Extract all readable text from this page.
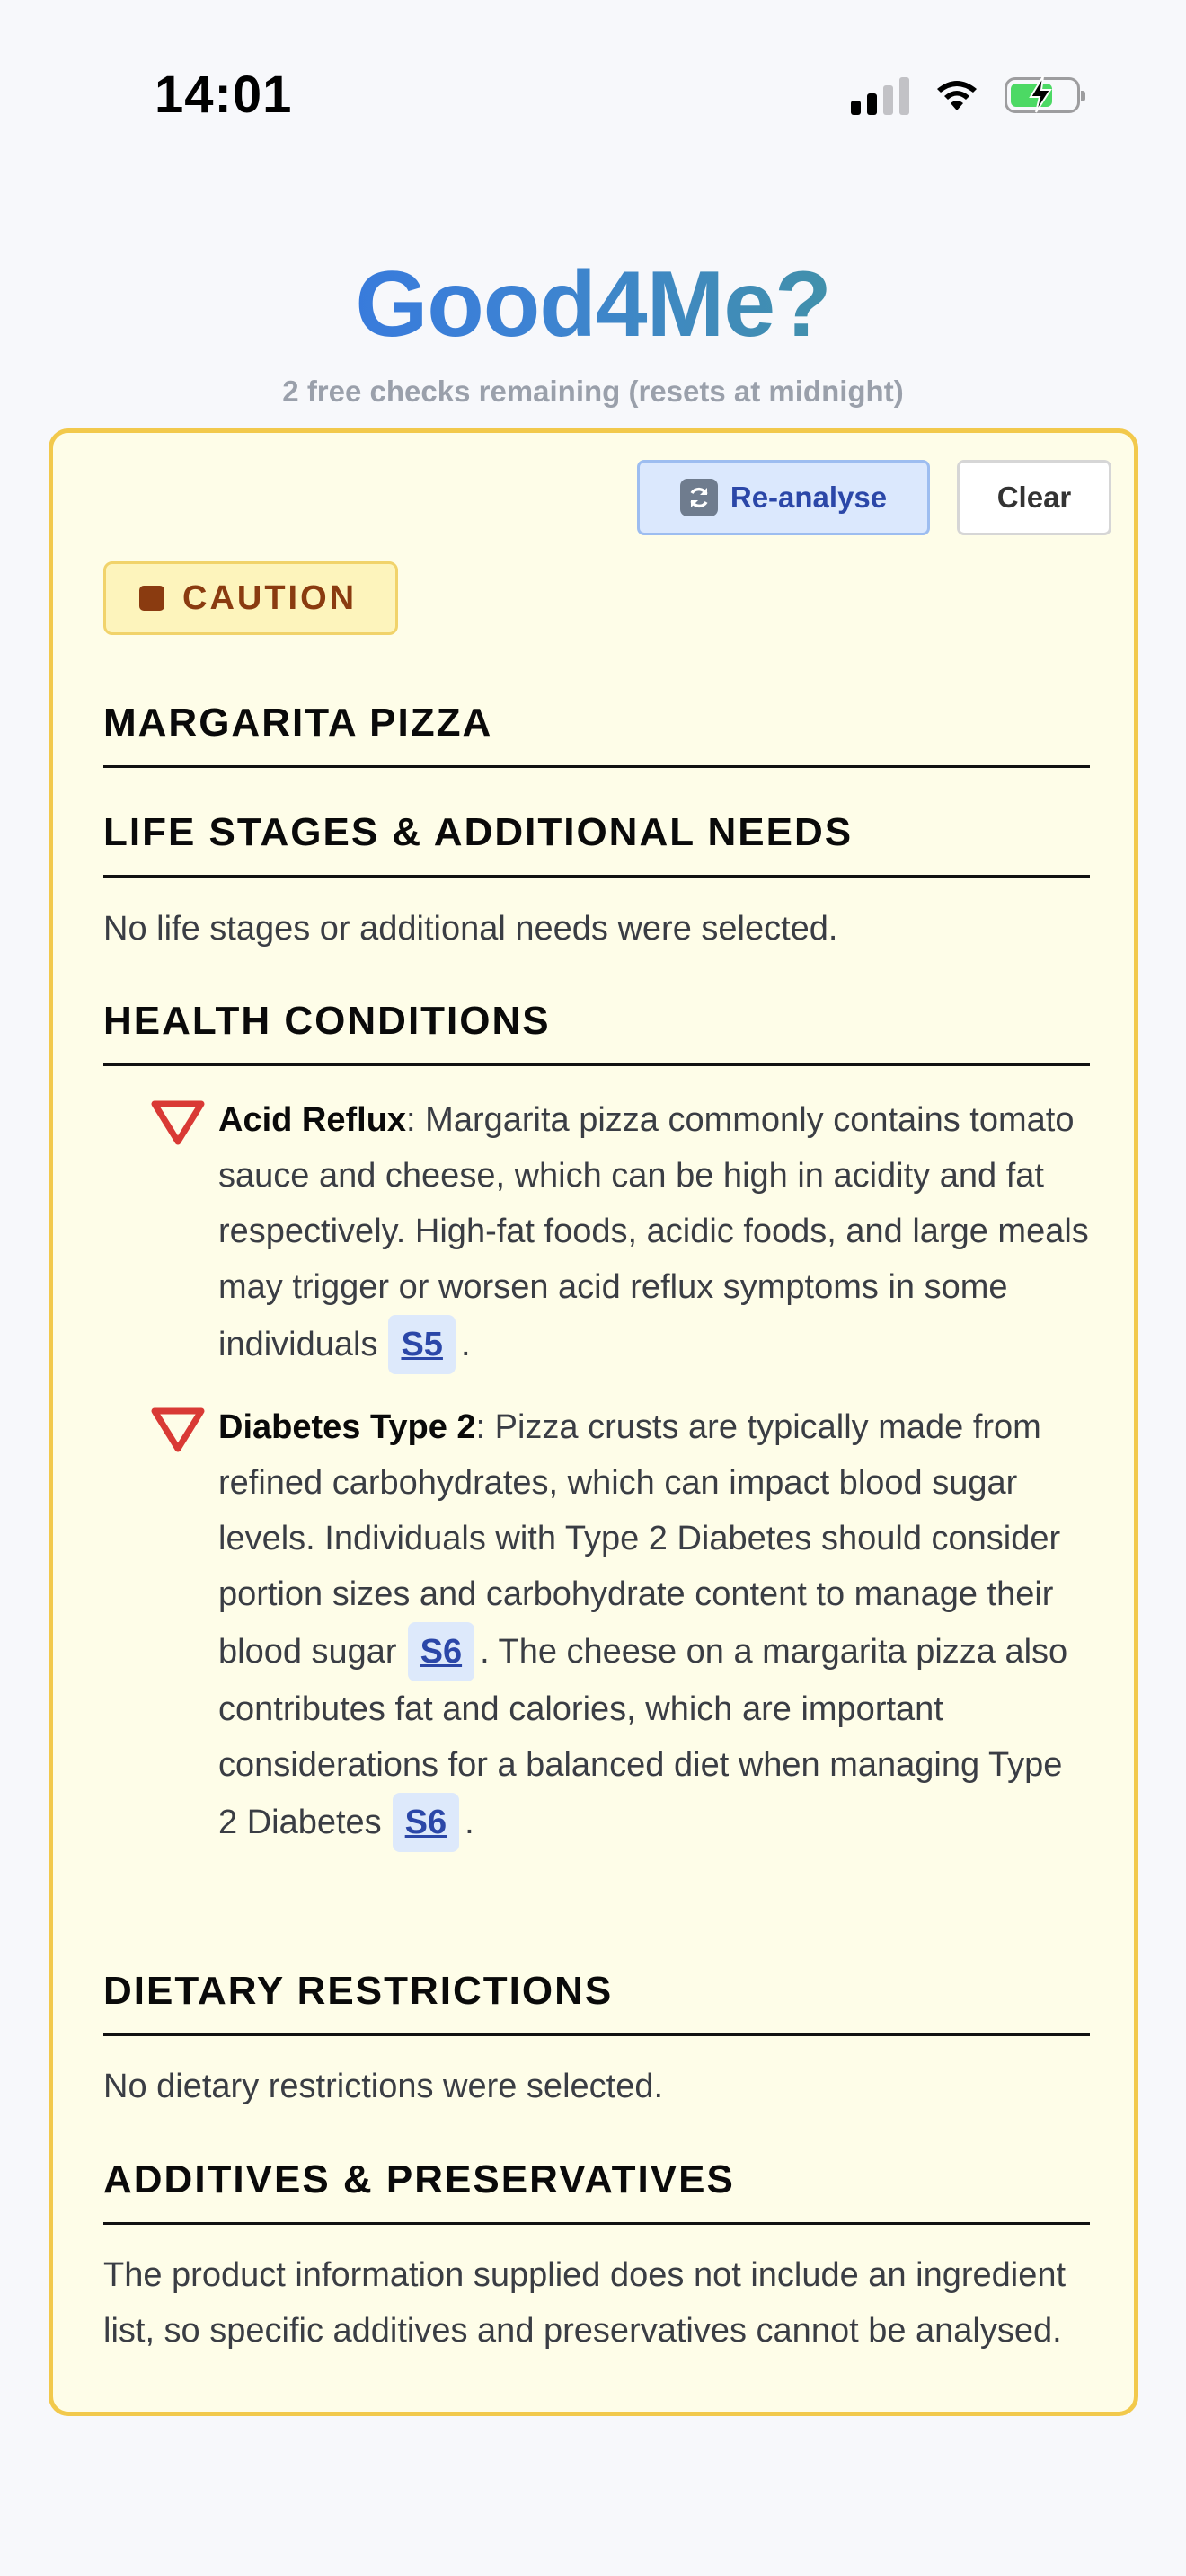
14:01
Good4Me?
2 free checks remaining (resets at midnight)
Re-analyse	Clear
CAUTION
MARGARITA PIZZA
LIFE STAGES & ADDITIONAL NEEDS
No life stages or additional needs were selected.
HEALTH CONDITIONS
Acid Reflux: Margarita pizza commonly contains tomato sauce and cheese, which can be high in acidity and fat respectively. High-fat foods, acidic foods, and large meals may trigger or worsen acid reflux symptoms in some individuals S5 .
Diabetes Type 2: Pizza crusts are typically made from refined carbohydrates, which can impact blood sugar levels. Individuals with Type 2 Diabetes should consider portion sizes and carbohydrate content to manage their blood sugar S6 . The cheese on a margarita pizza also contributes fat and calories, which are important considerations for a balanced diet when managing Type 2 Diabetes S6 .
DIETARY RESTRICTIONS
No dietary restrictions were selected.
ADDITIVES & PRESERVATIVES
The product information supplied does not include an ingredient list, so specific additives and preservatives cannot be analysed.
